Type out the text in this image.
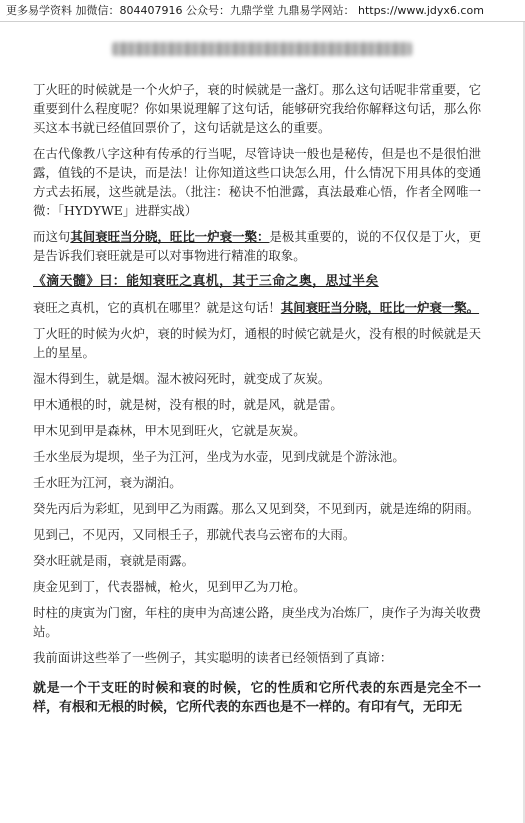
更多易学资料 加微信：804407916 公众号：九鼎学堂 九鼎易学网站： https://www.jdyx6.com

丁火旺的时候就是一个火炉子，衰的时候就是一盏灯。那么这句话呢非常重要，它重要到什么程度呢？你如果说理解了这句话，能够研究我给你解释这句话，那么你买这本书就已经值回票价了，这句话就是这么的重要。

在古代像教八字这种有传承的行当呢，尽管诗诀一般也是秘传，但是也不是很怕泄露，值钱的不是诀，而是法！让你知道这些口诀怎么用，什么情况下用具体的变通方式去拓展，这些就是法。（批注：秘诀不怕泄露，真法最难心悟，作者全网唯一微：「HYDYWE」进群实战）

而这句其间衰旺当分晓，旺比一炉衰一檠：是极其重要的，说的不仅仅是丁火，更是告诉我们衰旺就是可以对事物进行精准的取象。

《滴天髓》曰：能知衰旺之真机，其于三命之奥，思过半矣

衰旺之真机，它的真机在哪里？就是这句话！其间衰旺当分晓，旺比一炉衰一檠。

丁火旺的时候为火炉，衰的时候为灯，通根的时候它就是火，没有根的时候就是天上的星星。

湿木得到生，就是烟。湿木被闷死时，就变成了灰炭。

甲木通根的时，就是树，没有根的时，就是风，就是雷。

甲木见到甲是森林，甲木见到旺火，它就是灰炭。

壬水坐辰为堤坝，坐子为江河，坐戌为水壶，见到戌就是个游泳池。

壬水旺为江河，衰为湖泊。

癸先丙后为彩虹，见到甲乙为雨露。那么又见到癸，不见到丙，就是连绵的阴雨。

见到己，不见丙，又同根壬子，那就代表乌云密布的大雨。

癸水旺就是雨，衰就是雨露。

庚金见到丁，代表器械，枪火，见到甲乙为刀枪。

时柱的庚寅为门窗，年柱的庚申为高速公路，庚坐戌为冶炼厂，庚作子为海关收费站。

我前面讲这些举了一些例子，其实聪明的读者已经领悟到了真谛：

就是一个干支旺的时候和衰的时候，它的性质和它所代表的东西是完全不一样，有根和无根的时候，它所代表的东西也是不一样的。有印有气，无印无
